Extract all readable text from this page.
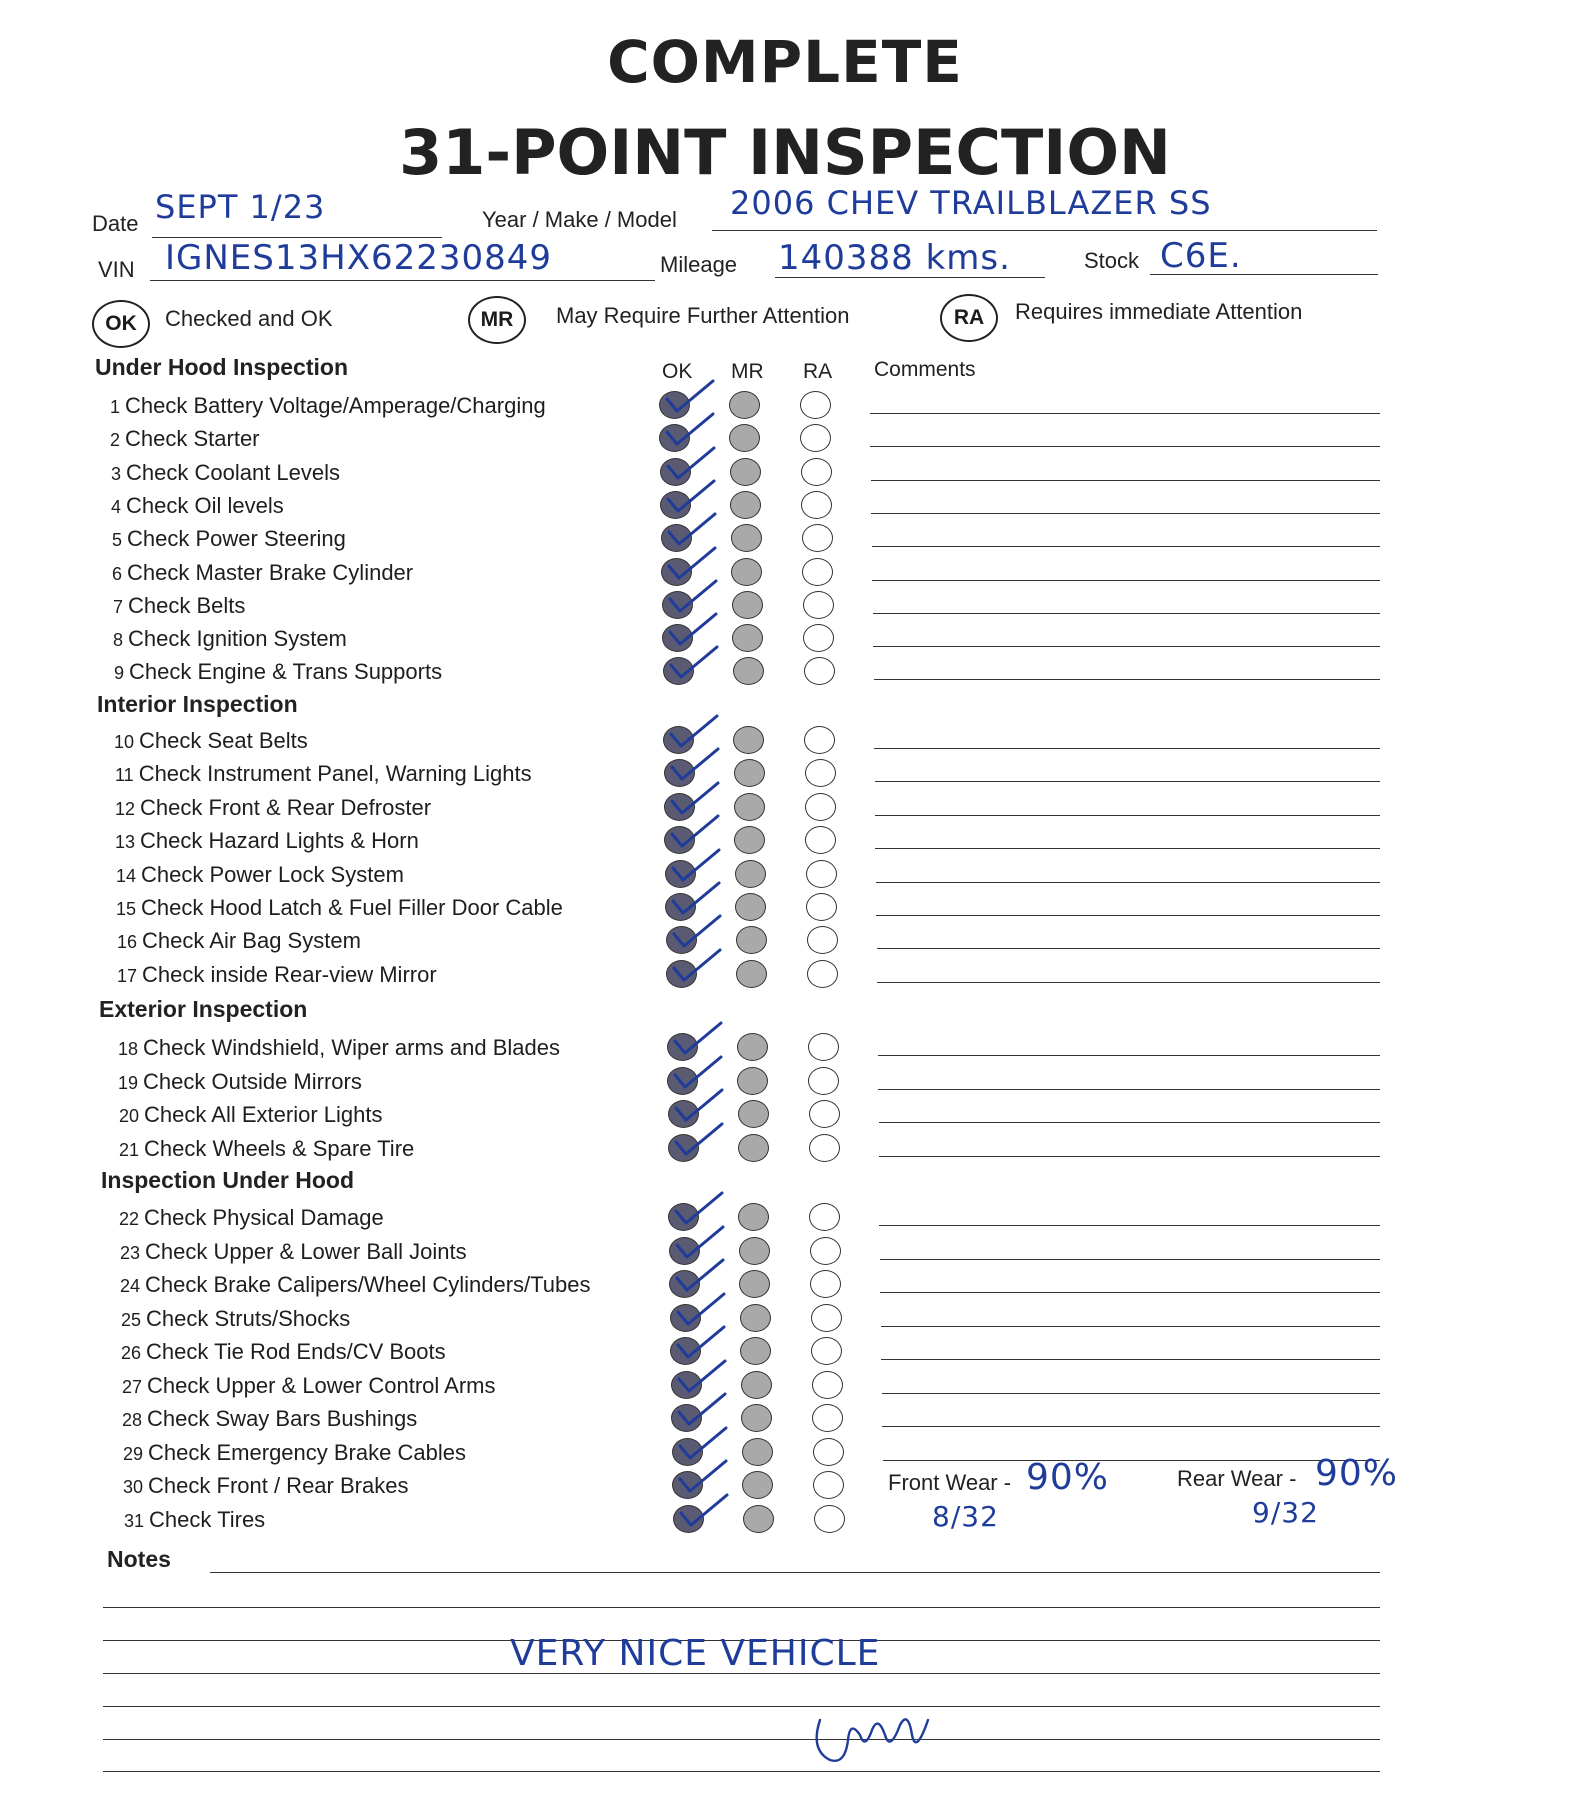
COMPLETE
31-POINT INSPECTION
Date SEPT 1/23	Year / Make / Model 2006 CHEV TRAILBLAZER SS
VIN IGNES13HX62230849	Mileage 140388 kms.	Stock C6E.
OK	Checked and OK	MR	May Require Further Attention	RA	Requires immediate Attention
OK MR RA Comments
Under Hood Inspection
1 Check Battery Voltage/Amperage/Charging
2 Check Starter
3 Check Coolant Levels
4 Check Oil levels
5 Check Power Steering
6 Check Master Brake Cylinder
7 Check Belts
8 Check Ignition System
9 Check Engine & Trans Supports
Interior Inspection
10 Check Seat Belts
11 Check Instrument Panel, Warning Lights
12 Check Front & Rear Defroster
13 Check Hazard Lights & Horn
14 Check Power Lock System
15 Check Hood Latch & Fuel Filler Door Cable
16 Check Air Bag System
17 Check inside Rear-view Mirror
Exterior Inspection
18 Check Windshield, Wiper arms and Blades
19 Check Outside Mirrors
20 Check All Exterior Lights
21 Check Wheels & Spare Tire
Inspection Under Hood
22 Check Physical Damage
23 Check Upper & Lower Ball Joints
24 Check Brake Calipers/Wheel Cylinders/Tubes
25 Check Struts/Shocks
26 Check Tie Rod Ends/CV Boots
27 Check Upper & Lower Control Arms
28 Check Sway Bars Bushings
29 Check Emergency Brake Cables
30 Check Front / Rear Brakes
31 Check Tires
Front Wear - 90%
8/32
Rear Wear - 90%
9/32
Notes
VERY NICE VEHICLE
